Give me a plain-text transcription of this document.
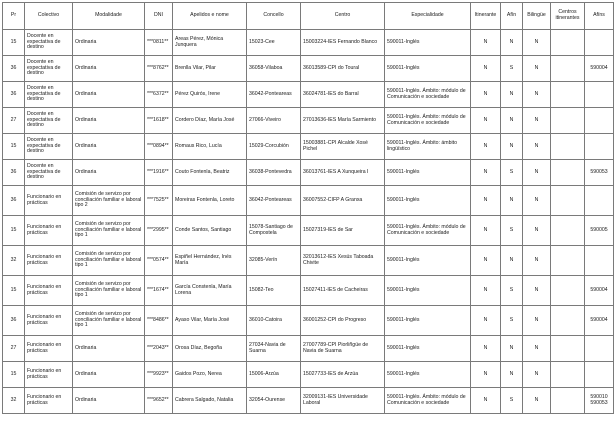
Pr	Colectivo	Modalidade	DNI	Apelidos e nome	Concello	Centro	Especialidade	Itinerante	Afín	Bilingüe	Centros itinerantes	Afíns
15	Docente en expectativa de destino	Ordinaria	***0811**	Areas Pérez, Mónica Junquera	15023-Cee	15003224-IES Fernando Blanco	590011-Inglés	N	N	N		
36	Docente en expectativa de destino	Ordinaria	***8762**	Brenlla Vilar, Pilar	36058-Vilaboa	36013589-CPI do Toural	590011-Inglés	N	S	N		590004
36	Docente en expectativa de destino	Ordinaria	***6372**	Pérez Quirós, Irene	36042-Ponteareas	36024781-IES do Barral	590011-Inglés. Ámbito: módulo de Comunicación e sociedade	N	N	N		
27	Docente en expectativa de destino	Ordinaria	***1618**	Cordero Díaz, María José	27066-Viveiro	27013636-IES María Sarmiento	590011-Inglés. Ámbito: módulo de Comunicación e sociedade	N	N	N		
15	Docente en expectativa de destino	Ordinaria	***0894**	Romaus Rico, Lucía	15029-Corcubión	15003881-CPI Alcalde Xosé Pichel	590011-Inglés. Ámbito: ámbito lingüístico	N	N	N		
36	Docente en expectativa de destino	Ordinaria	***1916**	Couto Fontenla, Beatriz	36038-Pontevedra	36013761-IES A Xunqueira I	590011-Inglés	N	S	N		590053
36	Funcionario en prácticas	Comisión de servizo por conciliación familiar e laboral tipo 2	***7525**	Moreiras Fontenla, Loreto	36042-Ponteareas	36007552-CIFP A Granxa	590011-Inglés	N	N	N		
15	Funcionario en prácticas	Comisión de servizo por conciliación familiar e laboral tipo 1	***2995**	Conde Santos, Santiago	15078-Santiago de Compostela	15027319-IES de Sar	590011-Inglés. Ámbito: módulo de Comunicación e sociedade	N	S	N		590005
32	Funcionario en prácticas	Comisión de servizo por conciliación familiar e laboral tipo 1	***0574**	Espiñel Hernández, Inés María	32085-Verín	32013612-IES Xesús Taboada Chivite	590011-Inglés	N	N	N		
15	Funcionario en prácticas	Comisión de servizo por conciliación familiar e laboral tipo 1	***1674**	García Constenla, María Lorena	15082-Teo	15027411-IES de Cacheiras	590011-Inglés	N	S	N		590004
36	Funcionario en prácticas	Comisión de servizo por conciliación familiar e laboral tipo 1	***8486**	Ayaso Vilar, María José	36010-Catoira	36001252-CPI do Progreso	590011-Inglés	N	S	N		590004
27	Funcionario en prácticas	Ordinaria	***2043**	Orosa Díaz, Begoña	27034-Navia de Suarna	27007789-CPI Piorliñgüe de Navia de Suarna	590011-Inglés	N	N	N		
15	Funcionario en prácticas	Ordinaria	***9923**	Gaidos Pozo, Nerea	15006-Arzúa	15027733-IES de Arzúa	590011-Inglés	N	N	N		
32	Funcionario en prácticas	Ordinaria	***9652**	Cabrera Salgado, Natalia	32054-Ourense	32009131-IES Universidade Laboral	590011-Inglés. Ámbito: módulo de Comunicación e sociedade	N	S	N		590010 590053
